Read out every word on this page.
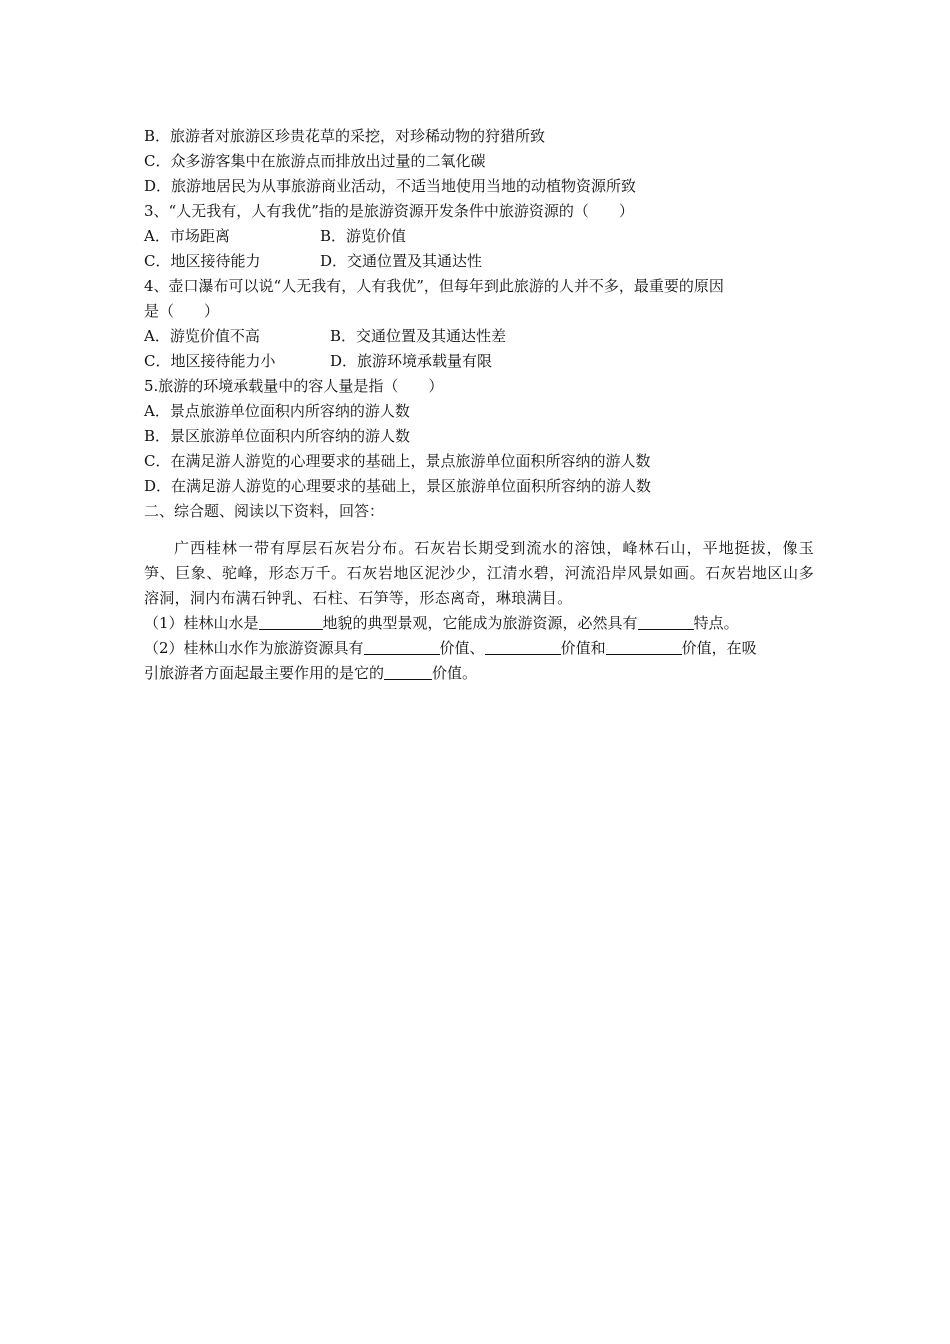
B．旅游者对旅游区珍贵花草的采挖，对珍稀动物的狩猎所致
C．众多游客集中在旅游点而排放出过量的二氧化碳
D．旅游地居民为从事旅游商业活动，不适当地使用当地的动植物资源所致
3、“人无我有，人有我优”指的是旅游资源开发条件中旅游资源的（　　）
A．市场距离	B．游览价值
C．地区接待能力	D．交通位置及其通达性
4、壶口瀑布可以说“人无我有，人有我优”，但每年到此旅游的人并不多，最重要的原因
是（　　）
A．游览价值不高	B．交通位置及其通达性差
C．地区接待能力小	D．旅游环境承载量有限
5.旅游的环境承载量中的容人量是指（　　）
A．景点旅游单位面积内所容纳的游人数
B．景区旅游单位面积内所容纳的游人数
C．在满足游人游览的心理要求的基础上，景点旅游单位面积所容纳的游人数
D．在满足游人游览的心理要求的基础上，景区旅游单位面积所容纳的游人数
二、综合题、阅读以下资料，回答：
广西桂林一带有厚层石灰岩分布。石灰岩长期受到流水的溶蚀，峰林石山，平地挺拔，像玉笋、巨象、驼峰，形态万千。石灰岩地区泥沙少，江清水碧，河流沿岸风景如画。石灰岩地区山多溶洞，洞内布满石钟乳、石柱、石笋等，形态离奇，琳琅满目。
（1）桂林山水是	地貌的典型景观，它能成为旅游资源，必然具有	特点。
（2）桂林山水作为旅游资源具有	价值、	价值和	价值，在吸
引旅游者方面起最主要作用的是它的	价值。
